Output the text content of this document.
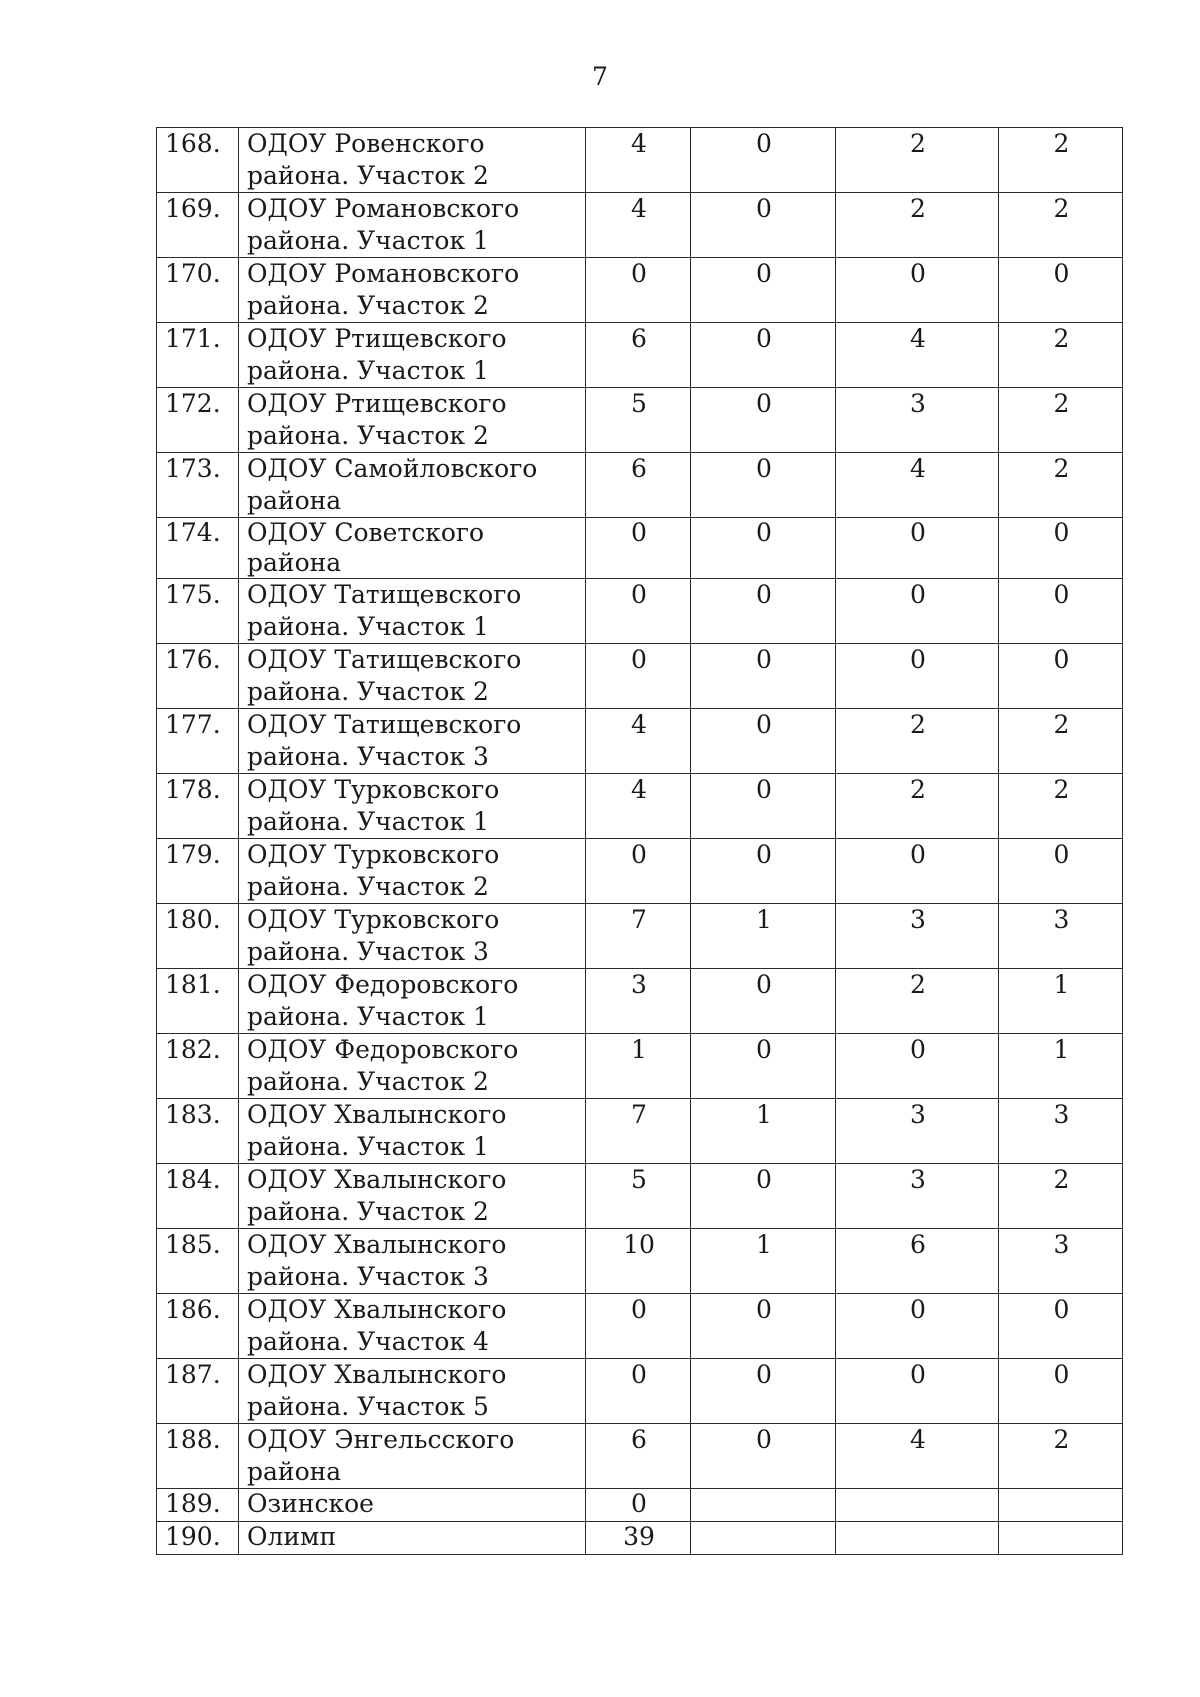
7
168.	ОДОУ Ровенского района. Участок 2	4	0	2	2
169.	ОДОУ Романовского района. Участок 1	4	0	2	2
170.	ОДОУ Романовского района. Участок 2	0	0	0	0
171.	ОДОУ Ртищевского района. Участок 1	6	0	4	2
172.	ОДОУ Ртищевского района. Участок 2	5	0	3	2
173.	ОДОУ Самойловского района	6	0	4	2
174.	ОДОУ Советского района	0	0	0	0
175.	ОДОУ Татищевского района. Участок 1	0	0	0	0
176.	ОДОУ Татищевского района. Участок 2	0	0	0	0
177.	ОДОУ Татищевского района. Участок 3	4	0	2	2
178.	ОДОУ Турковского района. Участок 1	4	0	2	2
179.	ОДОУ Турковского района. Участок 2	0	0	0	0
180.	ОДОУ Турковского района. Участок 3	7	1	3	3
181.	ОДОУ Федоровского района. Участок 1	3	0	2	1
182.	ОДОУ Федоровского района. Участок 2	1	0	0	1
183.	ОДОУ Хвалынского района. Участок 1	7	1	3	3
184.	ОДОУ Хвалынского района. Участок 2	5	0	3	2
185.	ОДОУ Хвалынского района. Участок 3	10	1	6	3
186.	ОДОУ Хвалынского района. Участок 4	0	0	0	0
187.	ОДОУ Хвалынского района. Участок 5	0	0	0	0
188.	ОДОУ Энгельсского района	6	0	4	2
189.	Озинское	0			
190.	Олимп	39			
